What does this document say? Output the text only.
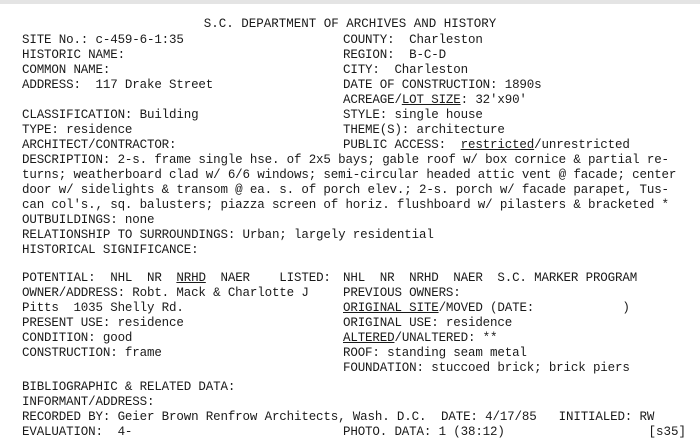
S.C. DEPARTMENT OF ARCHIVES AND HISTORY
SITE No.: c-459-6-1:35	COUNTY:  Charleston
HISTORIC NAME:	REGION:  B-C-D
COMMON NAME:	CITY:  Charleston
ADDRESS:  117 Drake Street	DATE OF CONSTRUCTION: 1890s
ACREAGE/LOT SIZE: 32'x90'
CLASSIFICATION: Building	STYLE: single house
TYPE: residence	THEME(S): architecture
ARCHITECT/CONTRACTOR:	PUBLIC ACCESS:  restricted/unrestricted
DESCRIPTION: 2-s. frame single hse. of 2x5 bays; gable roof w/ box cornice & partial re-
turns; weatherboard clad w/ 6/6 windows; semi-circular headed attic vent @ facade; center
door w/ sidelights & transom @ ea. s. of porch elev.; 2-s. porch w/ facade parapet, Tus-
can col's., sq. balusters; piazza screen of horiz. flushboard w/ pilasters & bracketed *
OUTBUILDINGS: none
RELATIONSHIP TO SURROUNDINGS: Urban; largely residential
HISTORICAL SIGNIFICANCE:
POTENTIAL:  NHL  NR  NRHD  NAER    LISTED: NHL  NR  NRHD  NAER  S.C. MARKER PROGRAM
OWNER/ADDRESS: Robt. Mack & Charlotte J	PREVIOUS OWNERS:
Pitts  1035 Shelly Rd.	ORIGINAL SITE/MOVED (DATE:            )
PRESENT USE: residence	ORIGINAL USE: residence
CONDITION: good	ALTERED/UNALTERED: **
CONSTRUCTION: frame	ROOF: standing seam metal
FOUNDATION: stuccoed brick; brick piers
BIBLIOGRAPHIC & RELATED DATA:
INFORMANT/ADDRESS:
RECORDED BY: Geier Brown Renfrow Architects, Wash. D.C.  DATE: 4/17/85   INITIALED: RW
EVALUATION:  4-	PHOTO. DATA: 1 (38:12)	[s35]
